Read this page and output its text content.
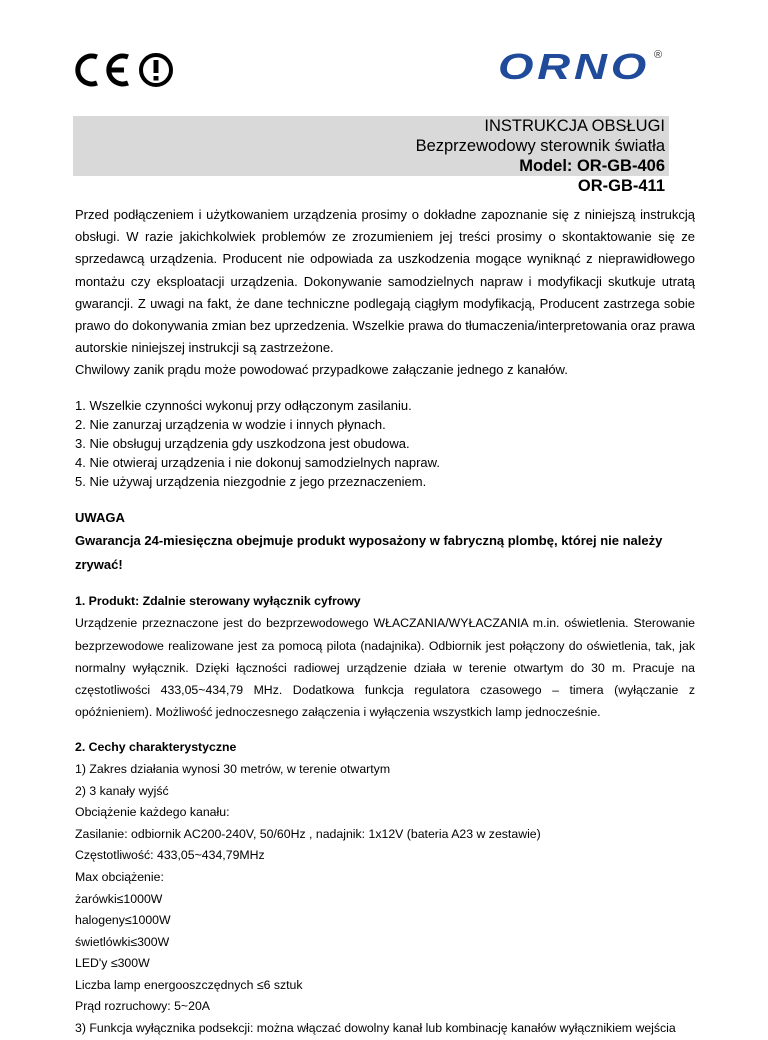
ORNO ®
INSTRUKCJA OBSŁUGI
Bezprzewodowy sterownik światła
Model: OR-GB-406
OR-GB-411

Przed podłączeniem i użytkowaniem urządzenia prosimy o dokładne zapoznanie się z niniejszą instrukcją obsługi. W razie jakichkolwiek problemów ze zrozumieniem jej treści prosimy o skontaktowanie się ze sprzedawcą urządzenia. Producent nie odpowiada za uszkodzenia mogące wyniknąć z nieprawidłowego montażu czy eksploatacji urządzenia. Dokonywanie samodzielnych napraw i modyfikacji skutkuje utratą gwarancji. Z uwagi na fakt, że dane techniczne podlegają ciągłym modyfikacją, Producent zastrzega sobie prawo do dokonywania zmian bez uprzedzenia. Wszelkie prawa do tłumaczenia/interpretowania oraz prawa autorskie niniejszej instrukcji są zastrzeżone.

Chwilowy zanik prądu może powodować przypadkowe załączanie jednego z kanałów.

1. Wszelkie czynności wykonuj przy odłączonym zasilaniu.

2. Nie zanurzaj urządzenia w wodzie i innych płynach.

3. Nie obsługuj urządzenia gdy uszkodzona jest obudowa.

4. Nie otwieraj urządzenia i nie dokonuj samodzielnych napraw.

5. Nie używaj urządzenia niezgodnie z jego przeznaczeniem.

UWAGA

Gwarancja 24-miesięczna obejmuje produkt wyposażony w fabryczną plombę, której nie należy zrywać!

1. Produkt: Zdalnie sterowany wyłącznik cyfrowy

Urządzenie przeznaczone jest do bezprzewodowego WŁACZANIA/WYŁACZANIA m.in. oświetlenia. Sterowanie bezprzewodowe realizowane jest za pomocą pilota (nadajnika). Odbiornik jest połączony do oświetlenia, tak, jak normalny wyłącznik. Dzięki łączności radiowej urządzenie działa w terenie otwartym do 30 m. Pracuje na częstotliwości 433,05~434,79 MHz. Dodatkowa funkcja regulatora czasowego – timera (wyłączanie z opóźnieniem). Możliwość jednoczesnego załączenia i wyłączenia wszystkich lamp jednocześnie.

2. Cechy charakterystyczne

1) Zakres działania wynosi 30 metrów, w terenie otwartym

2) 3 kanały wyjść

Obciążenie każdego kanału:

Zasilanie: odbiornik AC200-240V, 50/60Hz , nadajnik: 1x12V (bateria A23 w zestawie)

Częstotliwość: 433,05~434,79MHz

Max obciążenie:

żarówki≤1000W

halogeny≤1000W

świetlówki≤300W

LED'y ≤300W

Liczba lamp energooszczędnych ≤6 sztuk

Prąd rozruchowy: 5~20A

3) Funkcja wyłącznika podsekcji: można włączać dowolny kanał lub kombinację kanałów wyłącznikiem wejścia
